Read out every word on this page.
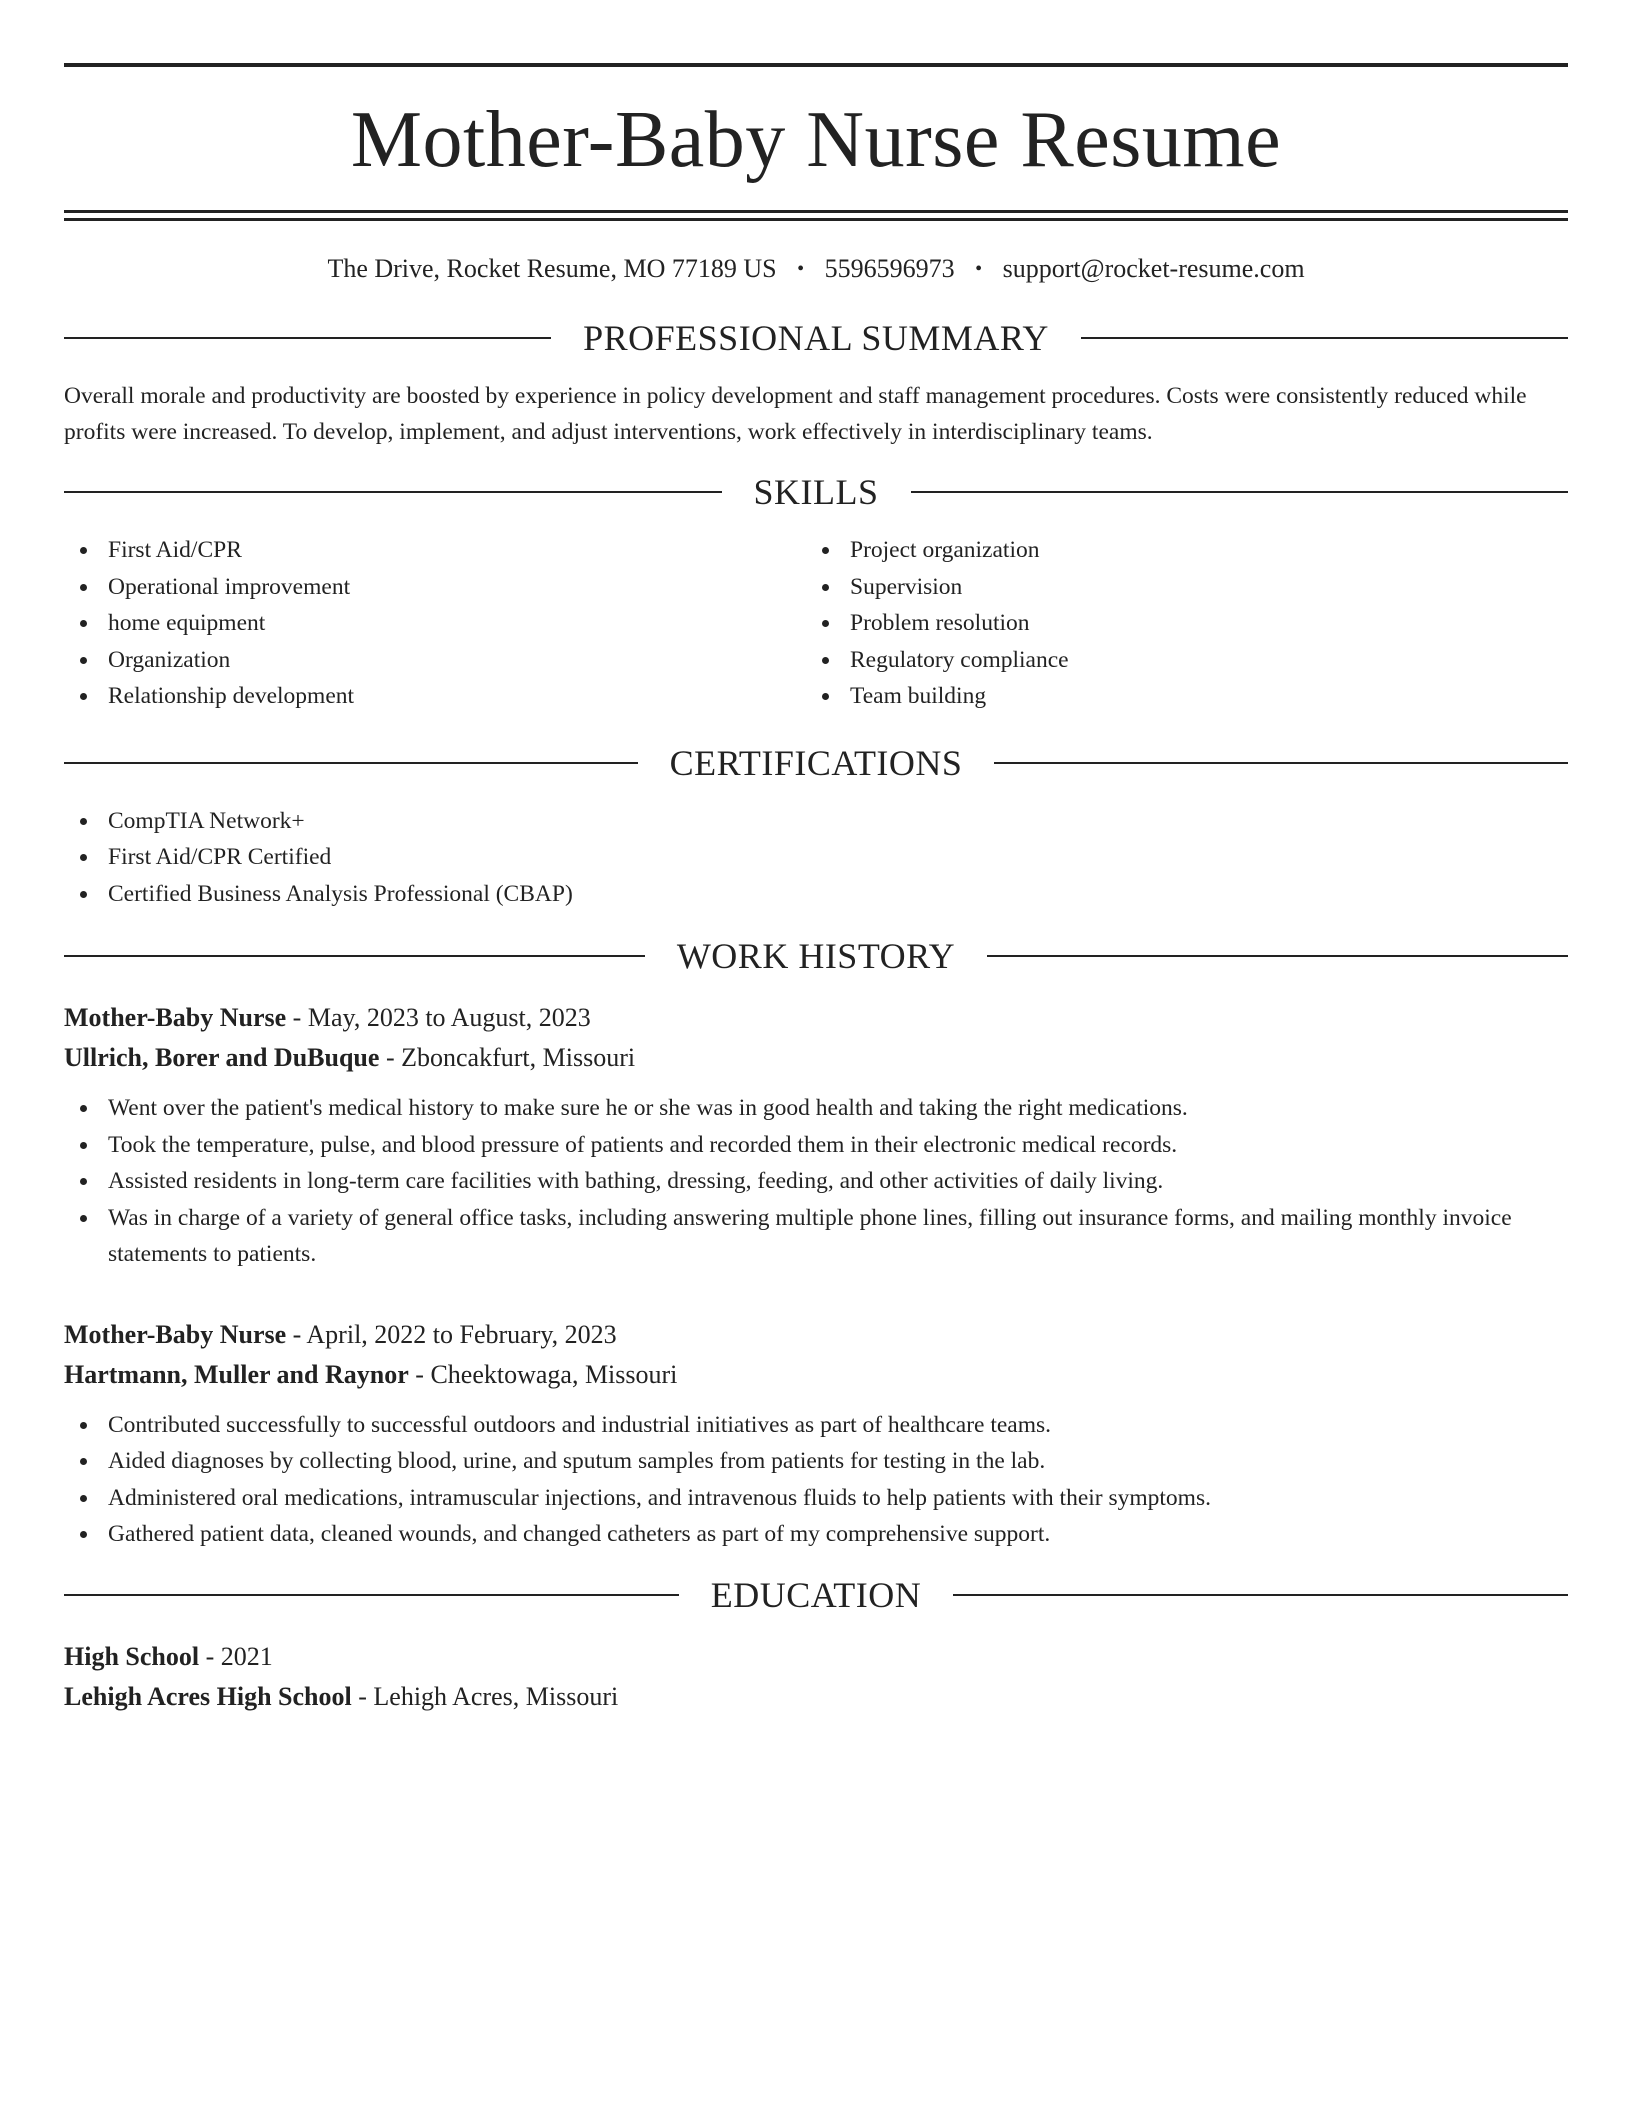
Mother-Baby Nurse Resume
The Drive, Rocket Resume, MO 77189 US • 5596596973 • support@rocket-resume.com
PROFESSIONAL SUMMARY

Overall morale and productivity are boosted by experience in policy development and staff management procedures. Costs were consistently reduced while profits were increased. To develop, implement, and adjust interventions, work effectively in interdisciplinary teams.

SKILLS
First Aid/CPR
Operational improvement
home equipment
Organization
Relationship development
Project organization
Supervision
Problem resolution
Regulatory compliance
Team building
CERTIFICATIONS
CompTIA Network+
First Aid/CPR Certified
Certified Business Analysis Professional (CBAP)
WORK HISTORY
Mother-Baby Nurse - May, 2023 to August, 2023
Ullrich, Borer and DuBuque - Zboncakfurt, Missouri
Went over the patient's medical history to make sure he or she was in good health and taking the right medications.
Took the temperature, pulse, and blood pressure of patients and recorded them in their electronic medical records.
Assisted residents in long-term care facilities with bathing, dressing, feeding, and other activities of daily living.
Was in charge of a variety of general office tasks, including answering multiple phone lines, filling out insurance forms, and mailing monthly invoice statements to patients.
Mother-Baby Nurse - April, 2022 to February, 2023
Hartmann, Muller and Raynor - Cheektowaga, Missouri
Contributed successfully to successful outdoors and industrial initiatives as part of healthcare teams.
Aided diagnoses by collecting blood, urine, and sputum samples from patients for testing in the lab.
Administered oral medications, intramuscular injections, and intravenous fluids to help patients with their symptoms.
Gathered patient data, cleaned wounds, and changed catheters as part of my comprehensive support.
EDUCATION
High School - 2021
Lehigh Acres High School - Lehigh Acres, Missouri
